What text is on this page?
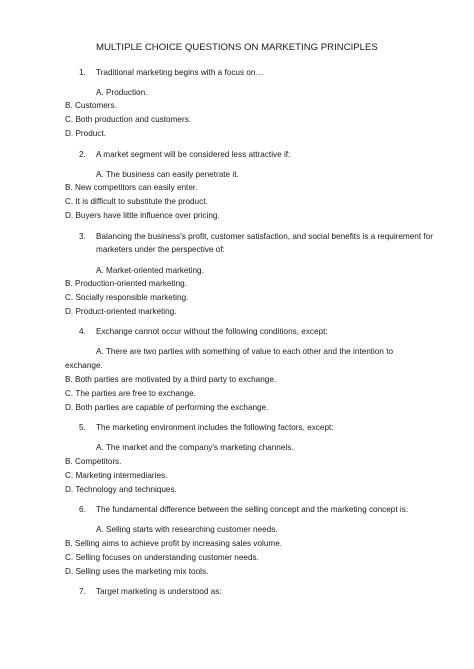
MULTIPLE CHOICE QUESTIONS ON MARKETING PRINCIPLES
1. Traditional marketing begins with a focus on…
A. Production.
B. Customers.
C. Both production and customers.
D. Product.
2. A market segment will be considered less attractive if:
A. The business can easily penetrate it.
B. New competitors can easily enter.
C. It is difficult to substitute the product.
D. Buyers have little influence over pricing.
3. Balancing the business's profit, customer satisfaction, and social benefits is a requirement for
marketers under the perspective of:
A. Market-oriented marketing.
B. Production-oriented marketing.
C. Socially responsible marketing.
D. Product-oriented marketing.
4. Exchange cannot occur without the following conditions, except:
A. There are two parties with something of value to each other and the intention to
exchange.
B. Both parties are motivated by a third party to exchange.
C. The parties are free to exchange.
D. Both parties are capable of performing the exchange.
5. The marketing environment includes the following factors, except:
A. The market and the company's marketing channels.
B. Competitors.
C. Marketing intermediaries.
D. Technology and techniques.
6. The fundamental difference between the selling concept and the marketing concept is:
A. Selling starts with researching customer needs.
B. Selling aims to achieve profit by increasing sales volume.
C. Selling focuses on understanding customer needs.
D. Selling uses the marketing mix tools.
7. Target marketing is understood as:
